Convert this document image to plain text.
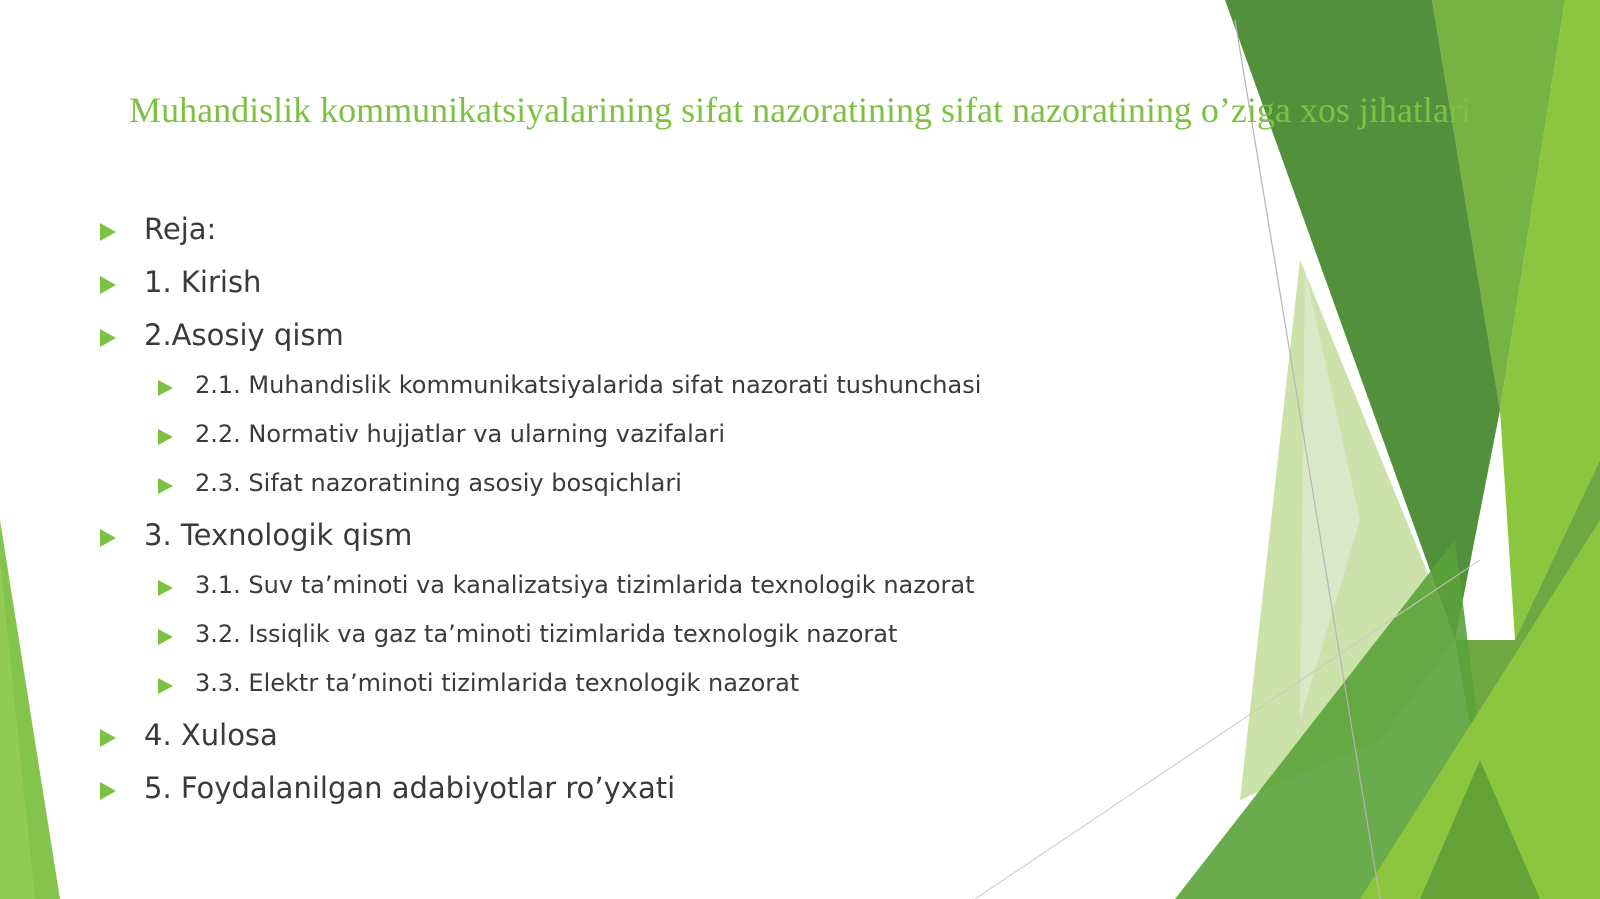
Muhandislik kommunikatsiyalarining sifat nazoratining sifat nazoratining o’ziga xos jihatlari
Reja:
1. Kirish
2.Asosiy qism
2.1. Muhandislik kommunikatsiyalarida sifat nazorati tushunchasi
2.2. Normativ hujjatlar va ularning vazifalari
2.3. Sifat nazoratining asosiy bosqichlari
3. Texnologik qism
3.1. Suv ta’minoti va kanalizatsiya tizimlarida texnologik nazorat
3.2. Issiqlik va gaz ta’minoti tizimlarida texnologik nazorat
3.3. Elektr ta’minoti tizimlarida texnologik nazorat
4. Xulosa
5. Foydalanilgan adabiyotlar ro’yxati
